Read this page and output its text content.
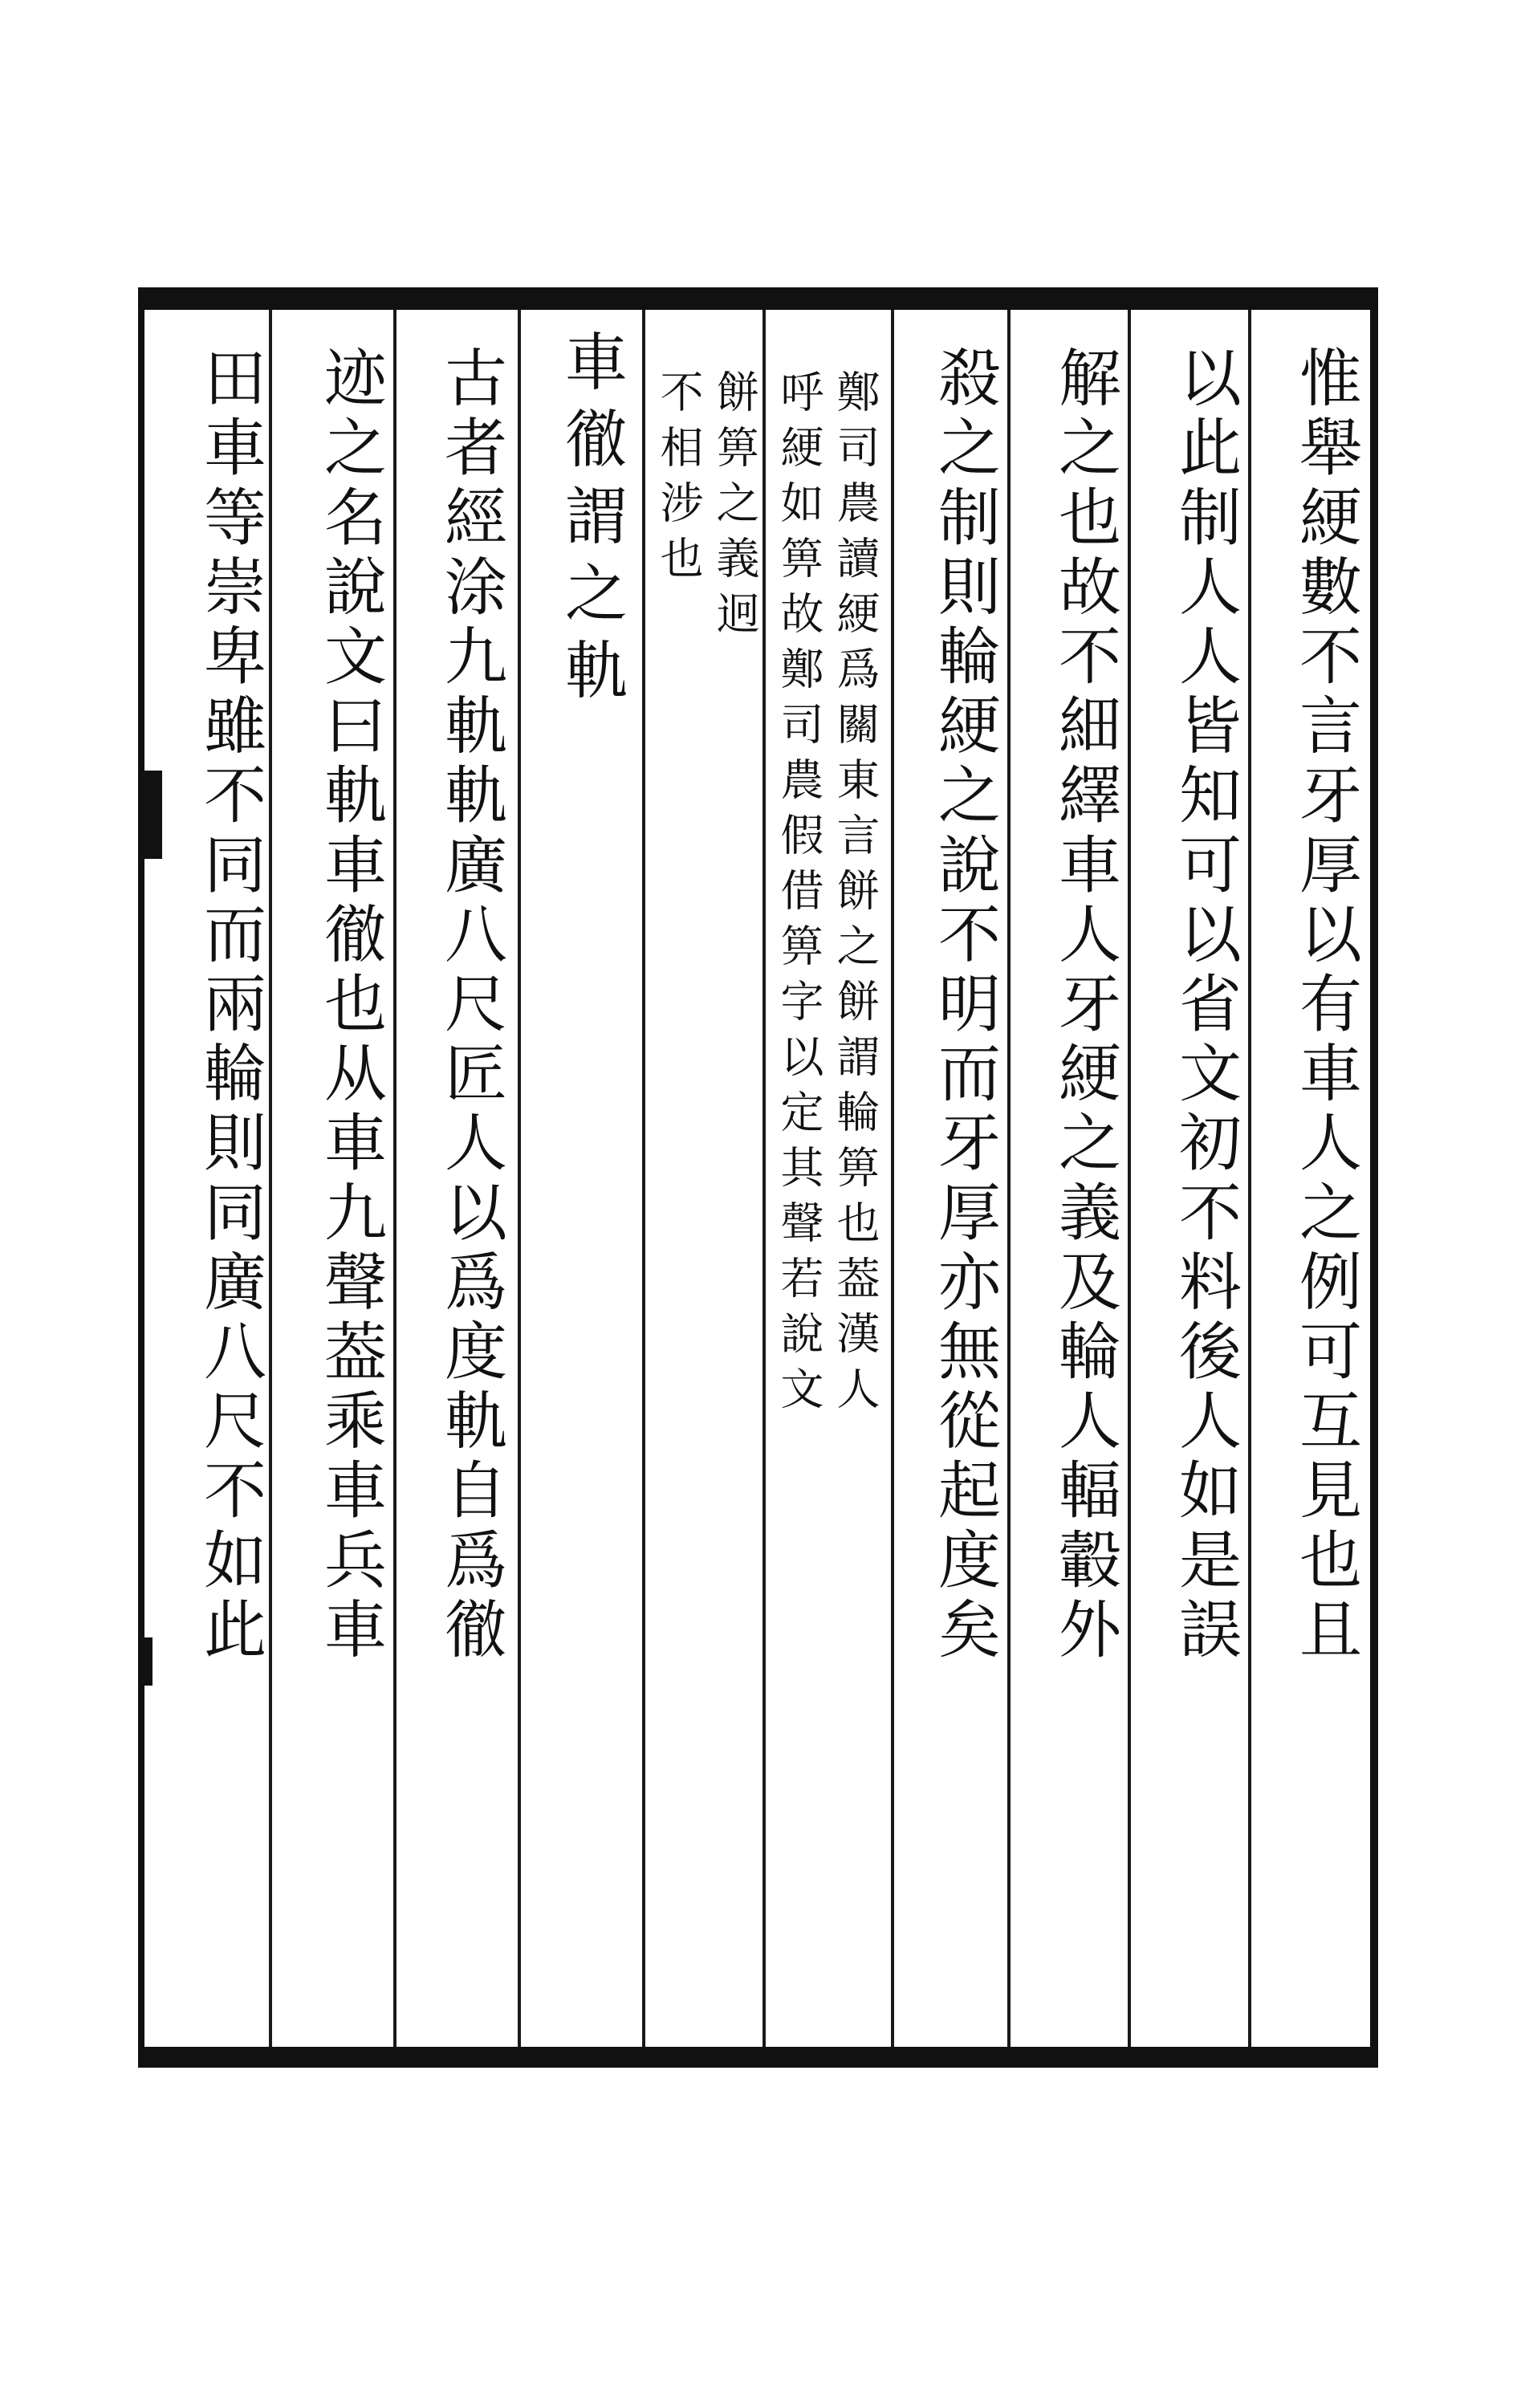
惟舉綆數不言牙厚以有車人之例可互見也且
以此制人人皆知可以省文初不料後人如是誤
解之也故不細繹車人牙綆之義及輪人輻轂外
殺之制則輪綆之說不明而牙厚亦無從起度矣
鄭司農讀綆爲關東言餅之餅謂輪箅也葢漢人
呼綆如箅故鄭司農假借箅字以定其聲若說文
餅箅之義迥
不相涉也
車徹謂之軌
古者經涂九軌軌廣八尺匠人以爲度軌自爲徹
迹之名說文曰軌車徹也从車九聲葢乘車兵車
田車等崇卑雖不同而兩輪則同廣八尺不如此
